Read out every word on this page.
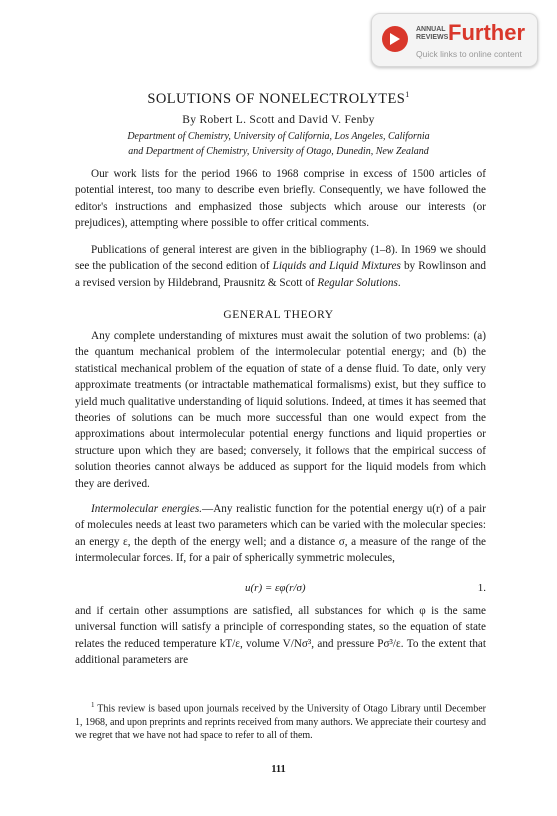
ANNUAL REVIEWS Further
Quick links to online content
SOLUTIONS OF NONELECTROLYTES$^1$
By Robert L. Scott and David V. Fenby
Department of Chemistry, University of California, Los Angeles, California
and Department of Chemistry, University of Otago, Dunedin, New Zealand
Our work lists for the period 1966 to 1968 comprise in excess of 1500 articles of potential interest, too many to describe even briefly. Consequently, we have followed the editor's instructions and emphasized those subjects which arouse our interests (or prejudices), attempting where possible to offer critical comments.
Publications of general interest are given in the bibliography (1–8). In 1969 we should see the publication of the second edition of Liquids and Liquid Mixtures by Rowlinson and a revised version by Hildebrand, Prausnitz & Scott of Regular Solutions.
GENERAL THEORY
Any complete understanding of mixtures must await the solution of two problems: (a) the quantum mechanical problem of the intermolecular potential energy; and (b) the statistical mechanical problem of the equation of state of a dense fluid. To date, only very approximate treatments (or intractable mathematical formalisms) exist, but they suffice to yield much qualitative understanding of liquid solutions. Indeed, at times it has seemed that theories of solutions can be much more successful than one would expect from the approximations about intermolecular potential energy functions and liquid properties or structure upon which they are based; conversely, it follows that the empirical success of solution theories cannot always be adduced as support for the liquid models from which they are derived.
Intermolecular energies.—Any realistic function for the potential energy u(r) of a pair of molecules needs at least two parameters which can be varied with the molecular species: an energy ε, the depth of the energy well; and a distance σ, a measure of the range of the intermolecular forces. If, for a pair of spherically symmetric molecules,
u(r) = εφ(r/σ)	1.
and if certain other assumptions are satisfied, all substances for which φ is the same universal function will satisfy a principle of corresponding states, so the equation of state relates the reduced temperature kT/ε, volume V/Nσ³, and pressure Pσ³/ε. To the extent that additional parameters are
$^1$ This review is based upon journals received by the University of Otago Library until December 1, 1968, and upon preprints and reprints received from many authors. We appreciate their courtesy and we regret that we have not had space to refer to all of them.
111
